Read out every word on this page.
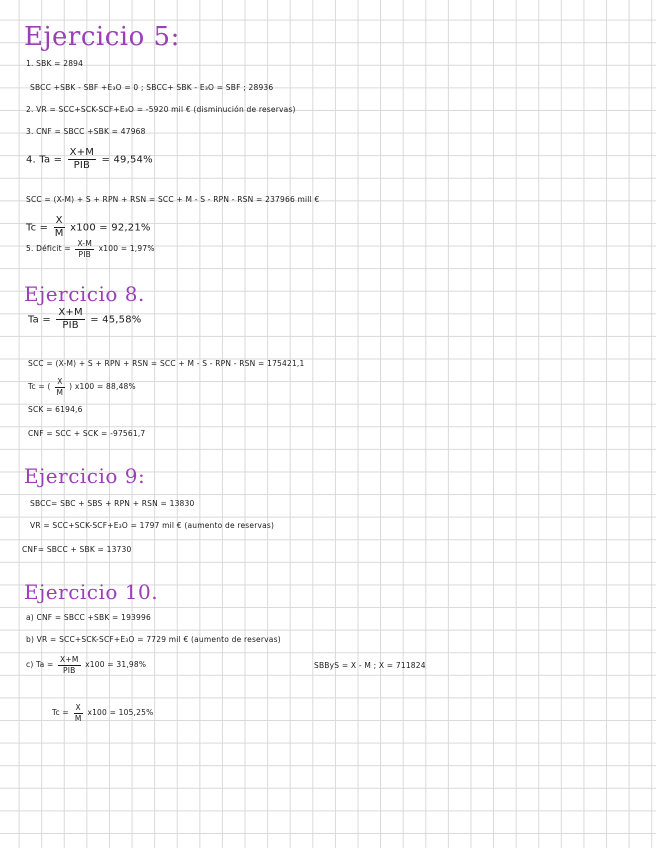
Ejercicio 5:

1. SBK = 2894

SBCC +SBK - SBF +E₃O = 0 ; SBCC+ SBK - E₃O = SBF ; 28936

2. VR = SCC+SCK-SCF+E₃O = -5920 mil € (disminución de reservas)

3. CNF = SBCC +SBK = 47968

4. $Ta = \frac{X+M}{\text{PIB}} = 49,54\%$

SCC = (X-M) + S + RPN + RSN = SCC + M - S - RPN - RSN = 237966 mill €

$Tc = \frac{X}{M} x100 = 92,21\%$
5. Déficit = $\frac{X-M}{\text{PIB}} x100 = 1,97\%$
Ejercicio 8.
$Ta = \frac{X+M}{\text{PIB}} = 45,58\%$

SCC = (X-M) + S + RPN + RSN = SCC + M - S - RPN - RSN = 175421,1

Tc = ( $\frac{X}{M}$ ) x100 = 88,48%

SCK = 6194,6

CNF = SCC + SCK = -97561,7

Ejercicio 9:

SBCC= SBC + SBS + RPN + RSN = 13830

VR = SCC+SCK-SCF+E₃O = 1797 mil € (aumento de reservas)

CNF= SBCC + SBK = 13730

Ejercicio 10.

a) CNF = SBCC +SBK = 193996

b) VR = SCC+SCK-SCF+E₃O = 7729 mil € (aumento de reservas)

c) $Ta = \frac{X+M}{\text{PIB}} x100 = 31,98\%$	SBByS = X - M ; X = 711824

$Tc = \frac{X}{M} x100 = 105,25\%$
